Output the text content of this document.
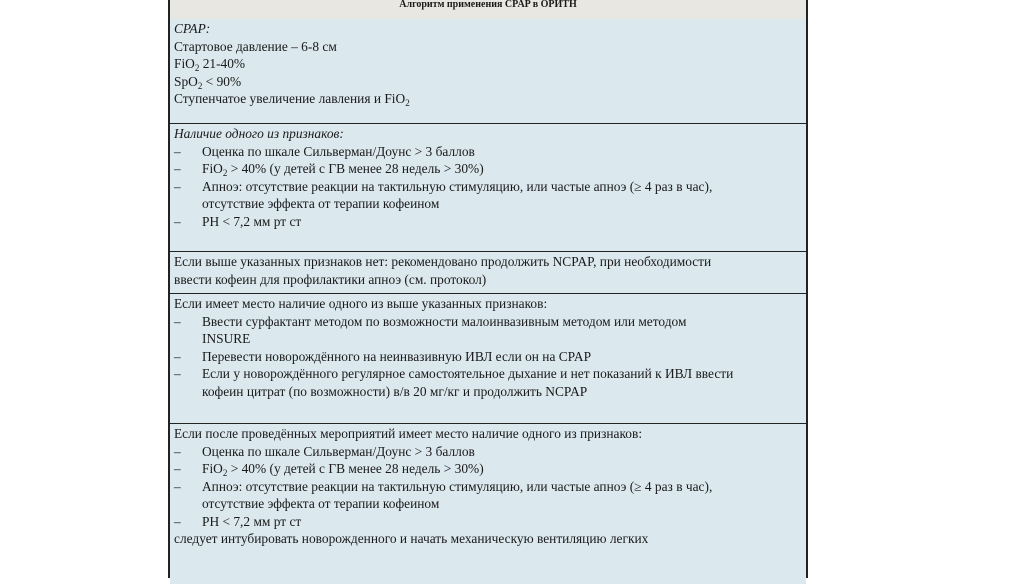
Алгоритм применения CPAP в ОРИТН
CPAP:
Стартовое давление – 6-8 см
FiO$_2$ 21-40%
SpO$_2$ < 90%
Ступенчатое увеличение лавления и FiO$_2$
Наличие одного из признаков:
–	Оценка по шкале Сильверман/Доунс > 3 баллов
–	FiO$_2$ > 40% (у детей с ГВ менее 28 недель > 30%)
–	Апноэ: отсутствие реакции на тактильную стимуляцию, или частые апноэ (≥ 4 раз в час),
отсутствие эффекта от терапии кофеином
–	PH < 7,2 мм рт ст
Если выше указанных признаков нет: рекомендовано продолжить NCPAP, при необходимости
ввести кофеин для профилактики апноэ (см. протокол)
Если имеет место наличие одного из выше указанных признаков:
–	Ввести сурфактант методом по возможности малоинвазивным методом или методом
INSURE
–	Перевести новорождённого на неинвазивную ИВЛ если он на CPAP
–	Если у новорождённого регулярное самостоятельное дыхание и нет показаний к ИВЛ ввести
кофеин цитрат (по возможности) в/в 20 мг/кг и продолжить NCPAP
Если после проведённых мероприятий имеет место наличие одного из признаков:
–	Оценка по шкале Сильверман/Доунс > 3 баллов
–	FiO$_2$ > 40% (у детей с ГВ менее 28 недель > 30%)
–	Апноэ: отсутствие реакции на тактильную стимуляцию, или частые апноэ (≥ 4 раз в час),
отсутствие эффекта от терапии кофеином
–	PH < 7,2 мм рт ст
следует интубировать новорожденного и начать механическую вентиляцию легких
